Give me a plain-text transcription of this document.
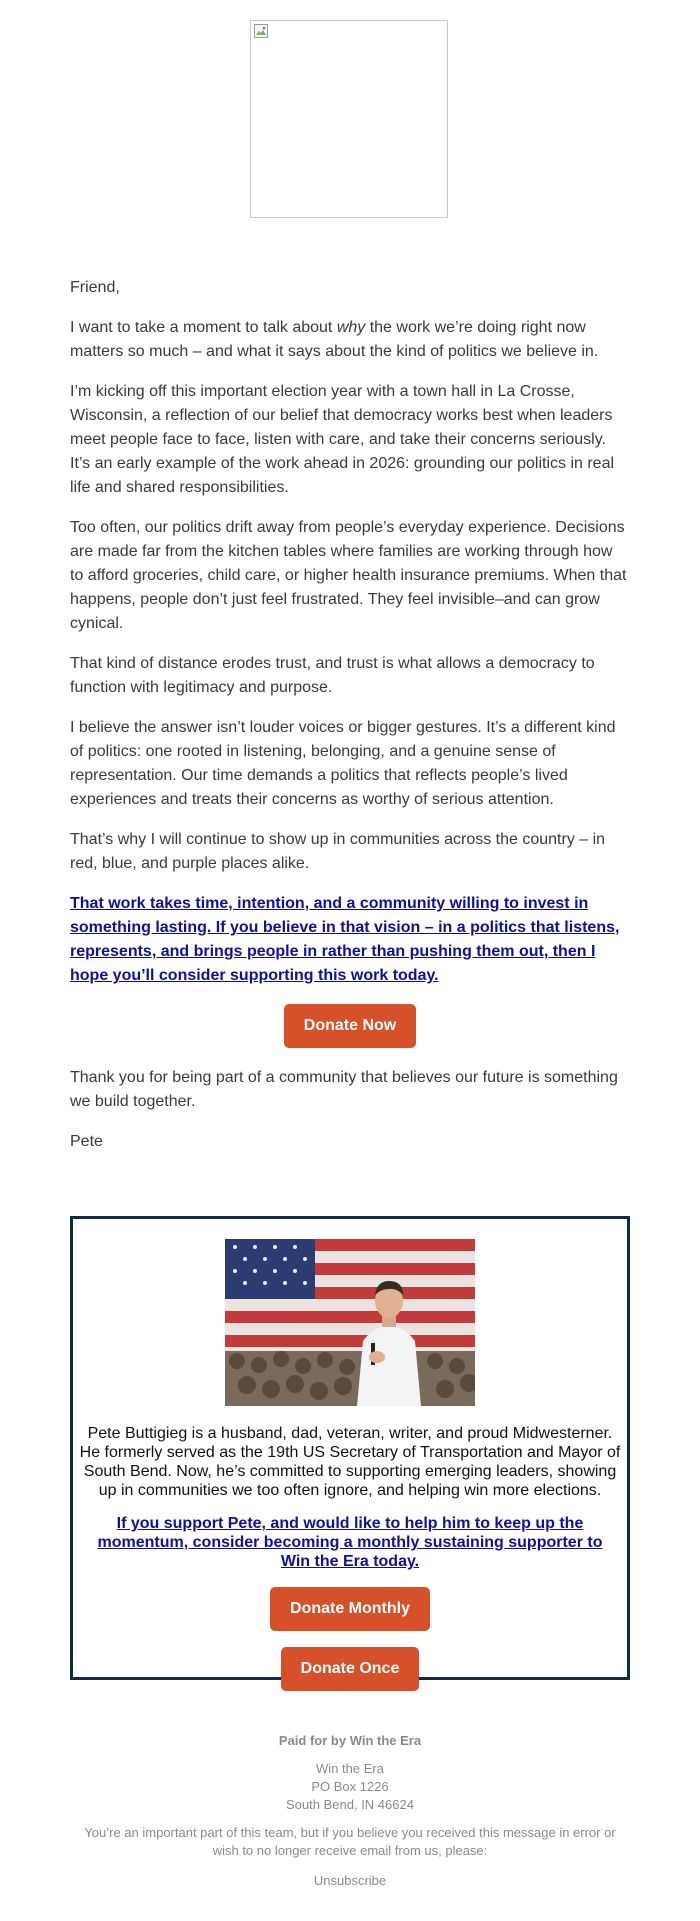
Friend,

I want to take a moment to talk about why the work we’re doing right now matters so much – and what it says about the kind of politics we believe in.

I’m kicking off this important election year with a town hall in La Crosse, Wisconsin, a reflection of our belief that democracy works best when leaders meet people face to face, listen with care, and take their concerns seriously. It’s an early example of the work ahead in 2026: grounding our politics in real life and shared responsibilities.

Too often, our politics drift away from people’s everyday experience. Decisions are made far from the kitchen tables where families are working through how to afford groceries, child care, or higher health insurance premiums. When that happens, people don’t just feel frustrated. They feel invisible–and can grow cynical.

That kind of distance erodes trust, and trust is what allows a democracy to function with legitimacy and purpose.

I believe the answer isn’t louder voices or bigger gestures. It’s a different kind of politics: one rooted in listening, belonging, and a genuine sense of representation. Our time demands a politics that reflects people’s lived experiences and treats their concerns as worthy of serious attention.

That’s why I will continue to show up in communities across the country – in red, blue, and purple places alike.

That work takes time, intention, and a community willing to invest in something lasting. If you believe in that vision – in a politics that listens, represents, and brings people in rather than pushing them out, then I hope you’ll consider supporting this work today.

Donate Now

Thank you for being part of a community that believes our future is something we build together.

Pete

Pete Buttigieg is a husband, dad, veteran, writer, and proud Midwesterner. He formerly served as the 19th US Secretary of Transportation and Mayor of South Bend. Now, he’s committed to supporting emerging leaders, showing up in communities we too often ignore, and helping win more elections.

If you support Pete, and would like to help him to keep up the momentum, consider becoming a monthly sustaining supporter to Win the Era today.
Donate Monthly
Donate Once
Paid for by Win the Era
Win the Era
PO Box 1226
South Bend, IN 46624
You’re an important part of this team, but if you believe you received this message in error or wish to no longer receive email from us, please:
Unsubscribe
